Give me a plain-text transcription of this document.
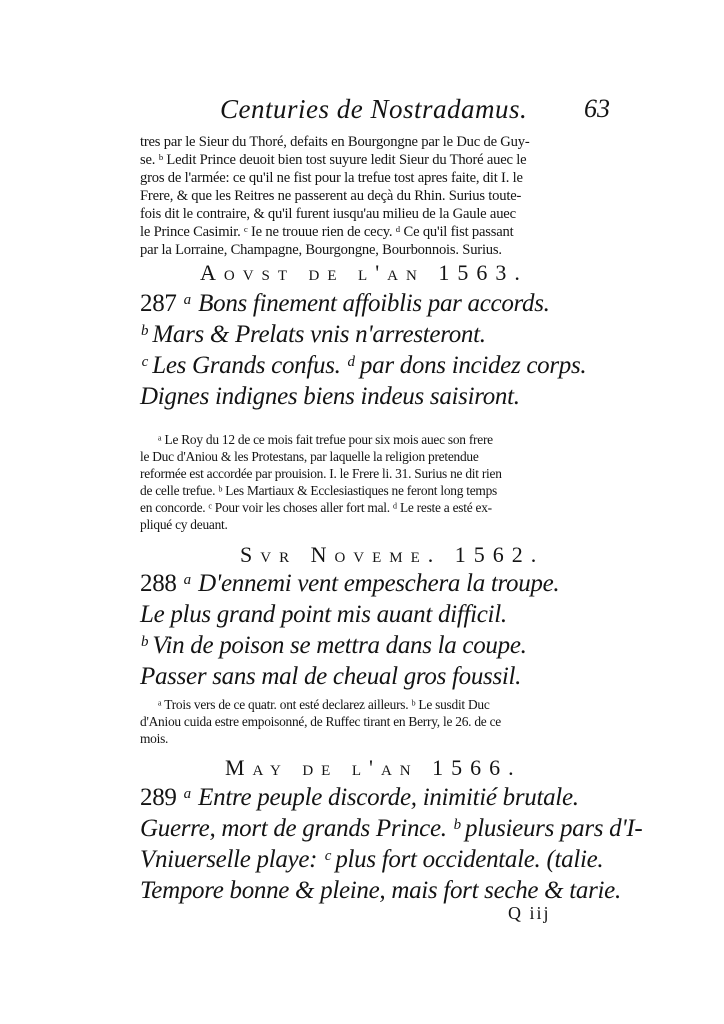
Centuries de Nostradamus. 63
tres par le Sieur du Thoré, defaits en Bourgongne par le Duc de Guy-
se. ᵇ Ledit Prince deuoit bien tost suyure ledit Sieur du Thoré auec le
gros de l'armée: ce qu'il ne fist pour la trefue tost apres faite, dit I. le
Frere, & que les Reitres ne passerent au deçà du Rhin. Surius toute-
fois dit le contraire, & qu'il furent iusqu'au milieu de la Gaule auec
le Prince Casimir. ᶜ Ie ne trouue rien de cecy. ᵈ Ce qu'il fist passant
par la Lorraine, Champagne, Bourgongne, Bourbonnois. Surius.
Aovst de l'an 1563.
287 ᵃ Bons finement affoiblis par accords.
ᵇ Mars & Prelats vnis n'arresteront.
ᶜ Les Grands confus. ᵈ par dons incidez corps.
Dignes indignes biens indeus saisiront.
ᵃ Le Roy du 12 de ce mois fait trefue pour six mois auec son frere
le Duc d'Aniou & les Protestans, par laquelle la religion pretendue
reformée est accordée par prouision. I. le Frere li. 31. Surius ne dit rien
de celle trefue. ᵇ Les Martiaux & Ecclesiastiques ne feront long temps
en concorde. ᶜ Pour voir les choses aller fort mal. ᵈ Le reste a esté ex-
pliqué cy deuant.
Svr Noveme. 1562.
288 ᵃ D'ennemi vent empeschera la troupe.
Le plus grand point mis auant difficil.
ᵇ Vin de poison se mettra dans la coupe.
Passer sans mal de cheual gros foussil.
ᵃ Trois vers de ce quatr. ont esté declarez ailleurs. ᵇ Le susdit Duc
d'Aniou cuida estre empoisonné, de Ruffec tirant en Berry, le 26. de ce
mois.
May de l'an 1566.
289 ᵃ Entre peuple discorde, inimitié brutale.
Guerre, mort de grands Prince. ᵇ plusieurs pars d'I-
Vniuerselle playe: ᶜ plus fort occidentale. (talie.
Tempore bonne & pleine, mais fort seche & tarie.
Q iij
